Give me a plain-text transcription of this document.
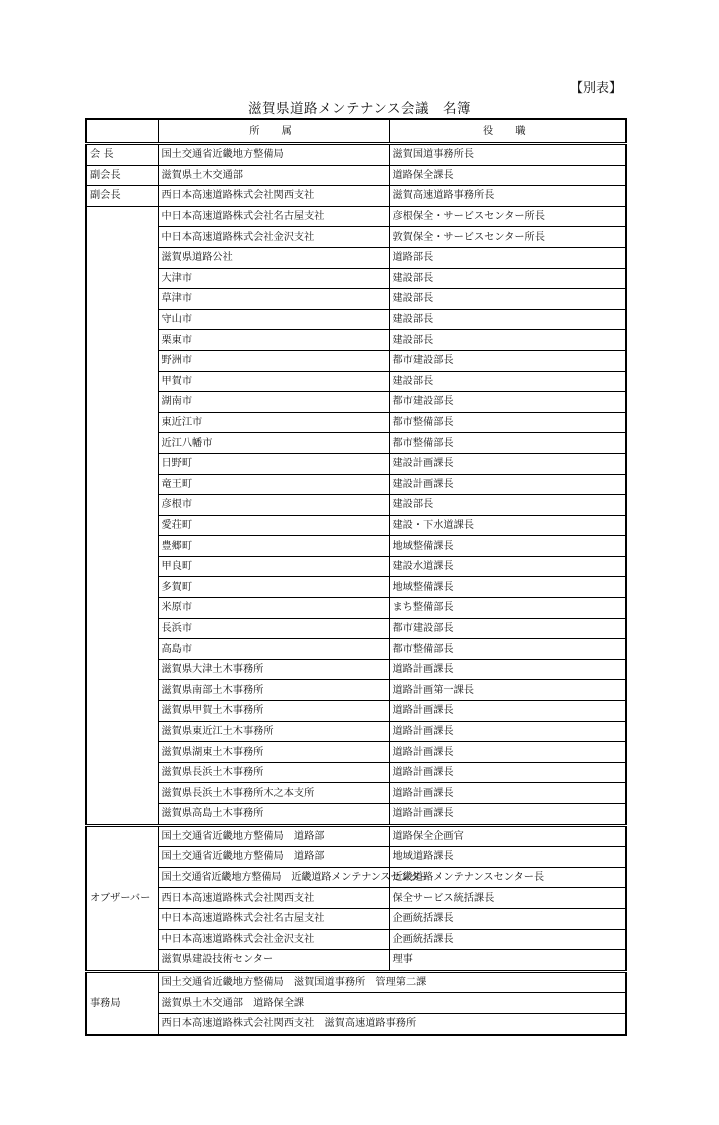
【別表】
滋賀県道路メンテナンス会議　名簿
	所　属	役　職
会 長	国土交通省近畿地方整備局	滋賀国道事務所長
副会長	滋賀県土木交通部	道路保全課長
副会長	西日本高速道路株式会社関西支社	滋賀高速道路事務所長
	中日本高速道路株式会社名古屋支社	彦根保全・サービスセンター所長
	中日本高速道路株式会社金沢支社	敦賀保全・サービスセンター所長
	滋賀県道路公社	道路部長
	大津市	建設部長
	草津市	建設部長
	守山市	建設部長
	栗東市	建設部長
	野洲市	都市建設部長
	甲賀市	建設部長
	湖南市	都市建設部長
	東近江市	都市整備部長
	近江八幡市	都市整備部長
	日野町	建設計画課長
	竜王町	建設計画課長
	彦根市	建設部長
	愛荘町	建設・下水道課長
	豊郷町	地域整備課長
	甲良町	建設水道課長
	多賀町	地域整備課長
	米原市	まち整備部長
	長浜市	都市建設部長
	高島市	都市整備部長
	滋賀県大津土木事務所	道路計画課長
	滋賀県南部土木事務所	道路計画第一課長
	滋賀県甲賀土木事務所	道路計画課長
	滋賀県東近江土木事務所	道路計画課長
	滋賀県湖東土木事務所	道路計画課長
	滋賀県長浜土木事務所	道路計画課長
	滋賀県長浜土木事務所木之本支所	道路計画課長
	滋賀県高島土木事務所	道路計画課長
オブザーバー	国土交通省近畿地方整備局　道路部	道路保全企画官
	国土交通省近畿地方整備局　道路部	地域道路課長
	国土交通省近畿地方整備局　近畿道路メンテナンスセンター	近畿道路メンテナンスセンター長
	西日本高速道路株式会社関西支社	保全サービス統括課長
	中日本高速道路株式会社名古屋支社	企画統括課長
	中日本高速道路株式会社金沢支社	企画統括課長
	滋賀県建設技術センター	理事
事務局	国土交通省近畿地方整備局　滋賀国道事務所　管理第二課	
	滋賀県土木交通部　道路保全課	
	西日本高速道路株式会社関西支社　滋賀高速道路事務所	
